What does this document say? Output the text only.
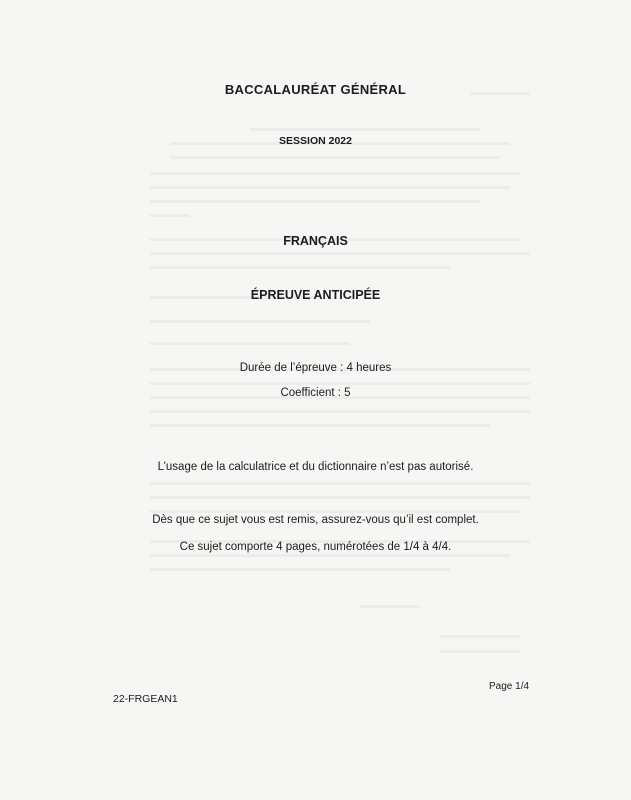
BACCALAURÉAT GÉNÉRAL
SESSION 2022
FRANÇAIS
ÉPREUVE ANTICIPÉE
Durée de l’épreuve : 4 heures
Coefficient : 5
L’usage de la calculatrice et du dictionnaire n’est pas autorisé.
Dès que ce sujet vous est remis, assurez-vous qu’il est complet.
Ce sujet comporte 4 pages, numérotées de 1/4 à 4/4.
Page 1/4
22-FRGEAN1
